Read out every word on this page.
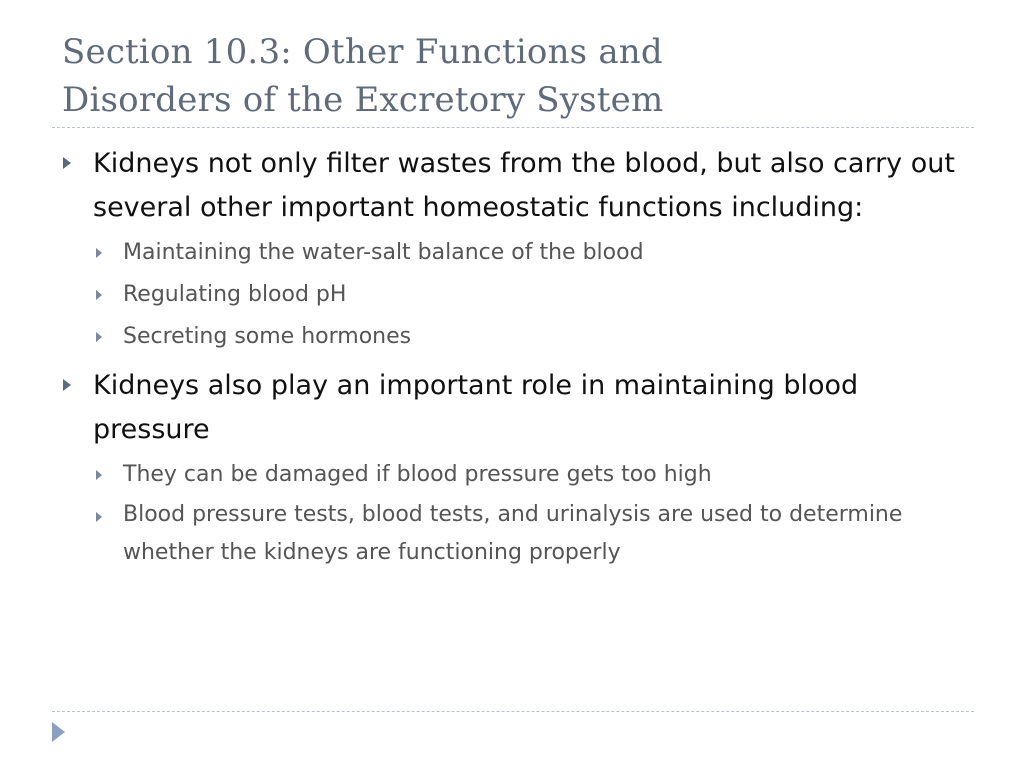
Section 10.3: Other Functions and
Disorders of the Excretory System
Kidneys not only filter wastes from the blood, but also carry out several other important homeostatic functions including:
Maintaining the water-salt balance of the blood
Regulating blood pH
Secreting some hormones
Kidneys also play an important role in maintaining blood pressure
They can be damaged if blood pressure gets too high
Blood pressure tests, blood tests, and urinalysis are used to determine whether the kidneys are functioning properly
